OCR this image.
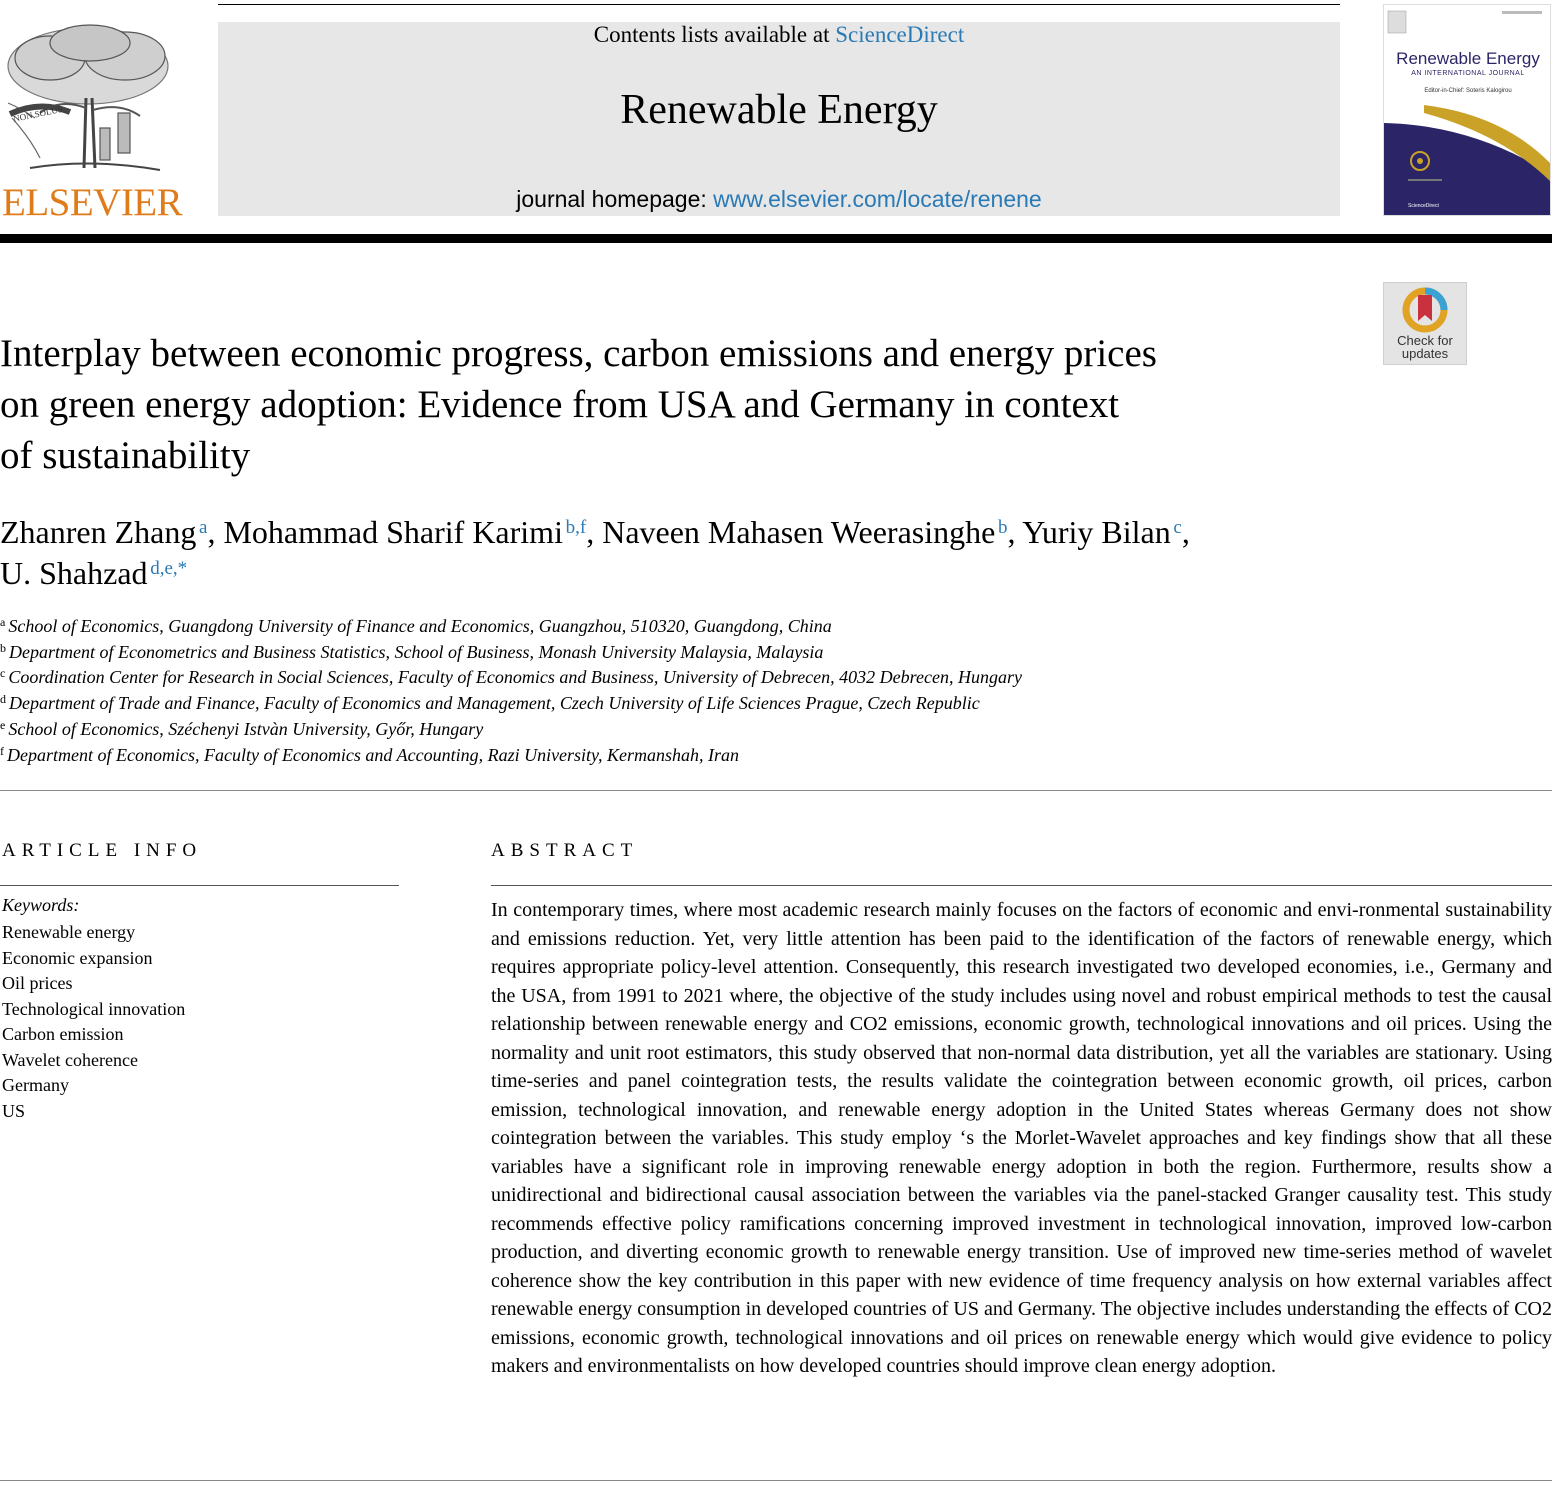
NON SOLUS
ELSEVIER
Contents lists available at ScienceDirect
Renewable Energy
journal homepage: www.elsevier.com/locate/renene
Renewable Energy
AN INTERNATIONAL JOURNAL
Editor-in-Chief: Soteris Kalogirou
ScienceDirect
Check for
updates
Interplay between economic progress, carbon emissions and energy prices
on green energy adoption: Evidence from USA and Germany in context
of sustainability
Zhanren Zhang  $^a$, Mohammad Sharif Karimi  $^{b,f}$, Naveen Mahasen Weerasinghe  $^b$, Yuriy Bilan  $^c$,
U. Shahzad  $^{d,e,*}$
$^a$ School of Economics, Guangdong University of Finance and Economics, Guangzhou, 510320, Guangdong, China
$^b$ Department of Econometrics and Business Statistics, School of Business, Monash University Malaysia, Malaysia
$^c$ Coordination Center for Research in Social Sciences, Faculty of Economics and Business, University of Debrecen, 4032 Debrecen, Hungary
$^d$ Department of Trade and Finance, Faculty of Economics and Management, Czech University of Life Sciences Prague, Czech Republic
$^e$ School of Economics, Széchenyi Istvàn University, Győr, Hungary
$^f$ Department of Economics, Faculty of Economics and Accounting, Razi University, Kermanshah, Iran
ARTICLE INFO	ABSTRACT
Keywords:
Renewable energy
Economic expansion
Oil prices
Technological innovation
Carbon emission
Wavelet coherence
Germany
US

In contemporary times, where most academic research mainly focuses on the factors of economic and envi-ronmental sustainability and emissions reduction. Yet, very little attention has been paid to the identification of the factors of renewable energy, which requires appropriate policy-level attention. Consequently, this research investigated two developed economies, i.e., Germany and the USA, from 1991 to 2021 where, the objective of the study includes using novel and robust empirical methods to test the causal relationship between renewable energy and CO2 emissions, economic growth, technological innovations and oil prices. Using the normality and unit root estimators, this study observed that non-normal data distribution, yet all the variables are stationary. Using time-series and panel cointegration tests, the results validate the cointegration between economic growth, oil prices, carbon emission, technological innovation, and renewable energy adoption in the United States whereas Germany does not show cointegration between the variables. This study employ ‘s the Morlet-Wavelet approaches and key findings show that all these variables have a significant role in improving renewable energy adoption in both the region. Furthermore, results show a unidirectional and bidirectional causal association between the variables via the panel-stacked Granger causality test. This study recommends effective policy ramifications concerning improved investment in technological innovation, improved low-carbon production, and diverting economic growth to renewable energy transition. Use of improved new time-series method of wavelet coherence show the key contribution in this paper with new evidence of time frequency analysis on how external variables affect renewable energy consumption in developed countries of US and Germany. The objective includes understanding the effects of CO2 emissions, economic growth, technological innovations and oil prices on renewable energy which would give evidence to policy makers and environmentalists on how developed countries should improve clean energy adoption.
